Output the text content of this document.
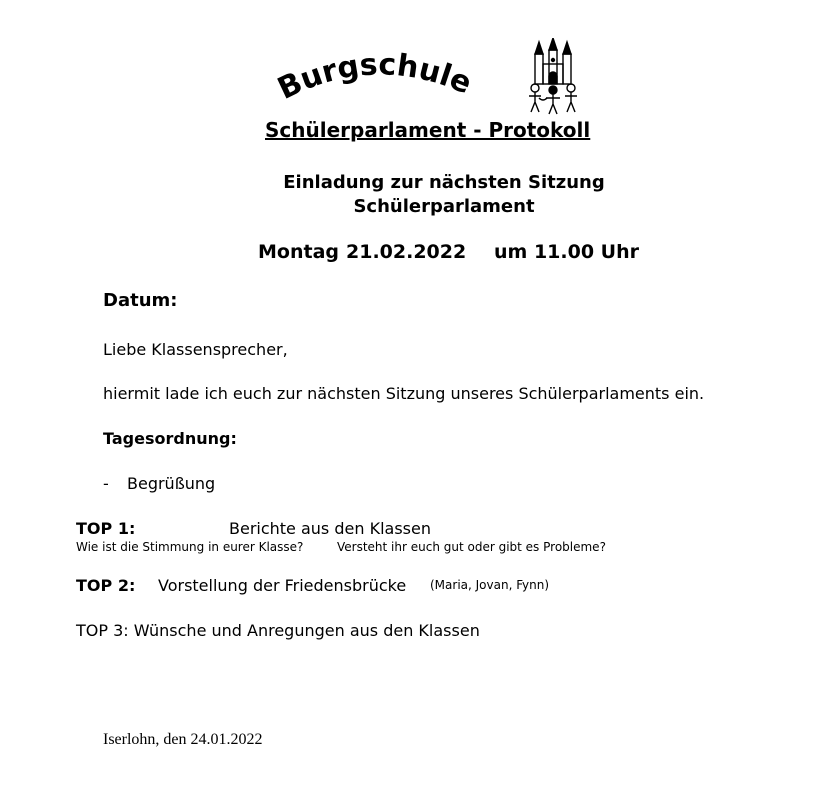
Burgschule
Schülerparlament - Protokoll
Einladung zur nächsten Sitzung
Schülerparlament
Montag 21.02.2022 um 11.00 Uhr
Datum:
Liebe Klassensprecher,
hiermit lade ich euch zur nächsten Sitzung unseres Schülerparlaments ein.
Tagesordnung:
- Begrüßung
TOP 1:	Berichte aus den Klassen
Wie ist die Stimmung in eurer Klasse?	Versteht ihr euch gut oder gibt es Probleme?
TOP 2: Vorstellung der Friedensbrücke (Maria, Jovan, Fynn)
TOP 3: Wünsche und Anregungen aus den Klassen
Iserlohn, den 24.01.2022
